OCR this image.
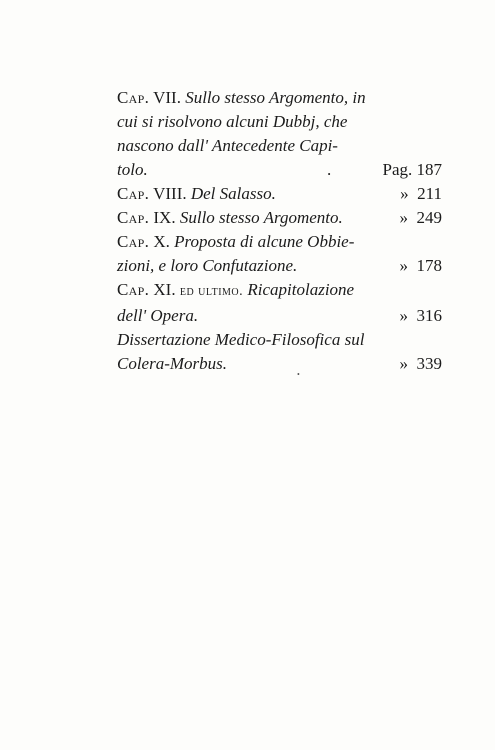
Cap. VII. Sullo stesso Argomento, in
cui si risolvono alcuni Dubbj, che
nascono dall' Antecedente Capi-
tolo.	.	Pag. 187
Cap. VIII. Del Salasso.	» 211
Cap. IX. Sullo stesso Argomento.	» 249
Cap. X. Proposta di alcune Obbie-
zioni, e loro Confutazione.	» 178
Cap. XI. ed ultimo. Ricapitolazione
dell' Opera.	» 316
Dissertazione Medico-Filosofica sul
Colera-Morbus.	» 339
•
